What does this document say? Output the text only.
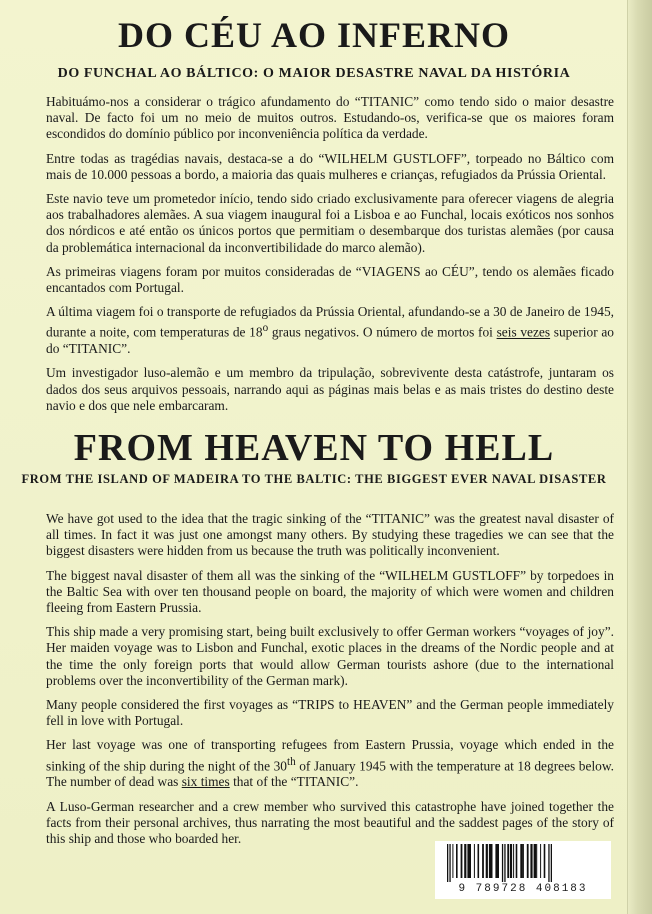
DO CÉU AO INFERNO
DO FUNCHAL AO BÁLTICO: O MAIOR DESASTRE NAVAL DA HISTÓRIA

Habituámo-nos a considerar o trágico afundamento do “TITANIC” como tendo sido o maior desastre naval. De facto foi um no meio de muitos outros. Estudando-os, verifica-se que os maiores foram escondidos do domínio público por inconveniência política da verdade.

Entre todas as tragédias navais, destaca-se a do “WILHELM GUSTLOFF”, torpeado no Báltico com mais de 10.000 pessoas a bordo, a maioria das quais mulheres e crianças, refugiados da Prússia Oriental.

Este navio teve um prometedor início, tendo sido criado exclusivamente para oferecer viagens de alegria aos trabalhadores alemães. A sua viagem inaugural foi a Lisboa e ao Funchal, locais exóticos nos sonhos dos nórdicos e até então os únicos portos que permitiam o desembarque dos turistas alemães (por causa da problemática internacional da inconvertibilidade do marco alemão).

As primeiras viagens foram por muitos consideradas de “VIAGENS ao CÉU”, tendo os alemães ficado encantados com Portugal.

A última viagem foi o transporte de refugiados da Prússia Oriental, afundando-se a 30 de Janeiro de 1945, durante a noite, com temperaturas de 18$^o$ graus negativos. O número de mortos foi seis vezes superior ao do “TITANIC”.

Um investigador luso-alemão e um membro da tripulação, sobrevivente desta catástrofe, juntaram os dados dos seus arquivos pessoais, narrando aqui as páginas mais belas e as mais tristes do destino deste navio e dos que nele embarcaram.

FROM HEAVEN TO HELL
FROM THE ISLAND OF MADEIRA TO THE BALTIC: THE BIGGEST EVER NAVAL DISASTER

We have got used to the idea that the tragic sinking of the “TITANIC” was the greatest naval disaster of all times. In fact it was just one amongst many others. By studying these tragedies we can see that the biggest disasters were hidden from us because the truth was politically inconvenient.

The biggest naval disaster of them all was the sinking of the “WILHELM GUSTLOFF” by torpedoes in the Baltic Sea with over ten thousand people on board, the majority of which were women and children fleeing from Eastern Prussia.

This ship made a very promising start, being built exclusively to offer German workers “voyages of joy”. Her maiden voyage was to Lisbon and Funchal, exotic places in the dreams of the Nordic people and at the time the only foreign ports that would allow German tourists ashore (due to the international problems over the inconvertibility of the German mark).

Many people considered the first voyages as “TRIPS to HEAVEN” and the German people immediately fell in love with Portugal.

Her last voyage was one of transporting refugees from Eastern Prussia, voyage which ended in the sinking of the ship during the night of the 30th of January 1945 with the temperature at 18 degrees below. The number of dead was six times that of the “TITANIC”.

A Luso-German researcher and a crew member who survived this catastrophe have joined together the facts from their personal archives, thus narrating the most beautiful and the saddest pages of the story of this ship and those who boarded her.

9 789728 408183
